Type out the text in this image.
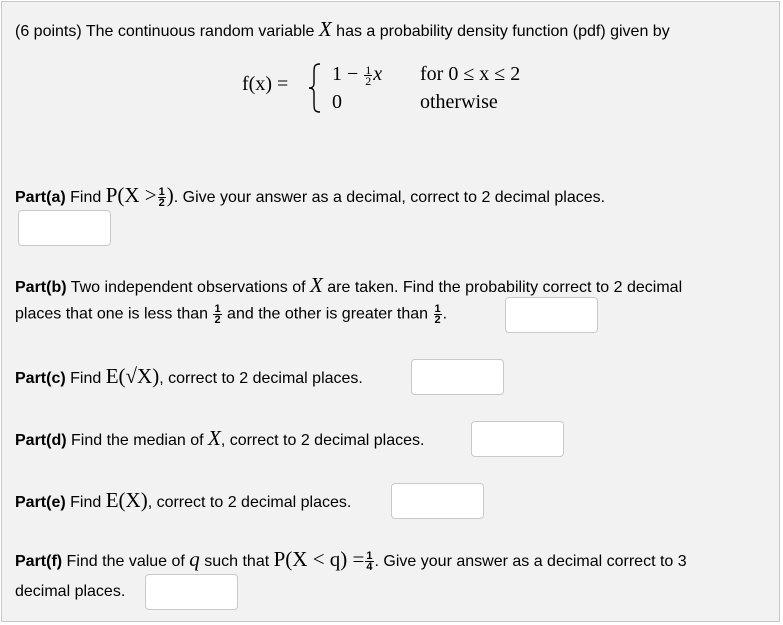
(6 points) The continuous random variable X has a probability density function (pdf) given by
$f(x) = 1 - \frac{1}{2}$ x for 0 ≤ x ≤ 2
0	otherwise
Part(a) Find $P(X > \frac{1}{2}$ ). Give your answer as a decimal, correct to 2 decimal places.
Part(b) Two independent observations of X are taken. Find the probability correct to 2 decimal
places that one is less than $\frac{1}{2}$ and the other is greater than $\frac{1}{2}$ .
Part(c) Find E(√X), correct to 2 decimal places.
Part(d) Find the median of X, correct to 2 decimal places.
Part(e) Find E(X), correct to 2 decimal places.
Part(f) Find the value of q such that $P(X < q) = \frac{1}{4}$ . Give your answer as a decimal correct to 3
decimal places.
